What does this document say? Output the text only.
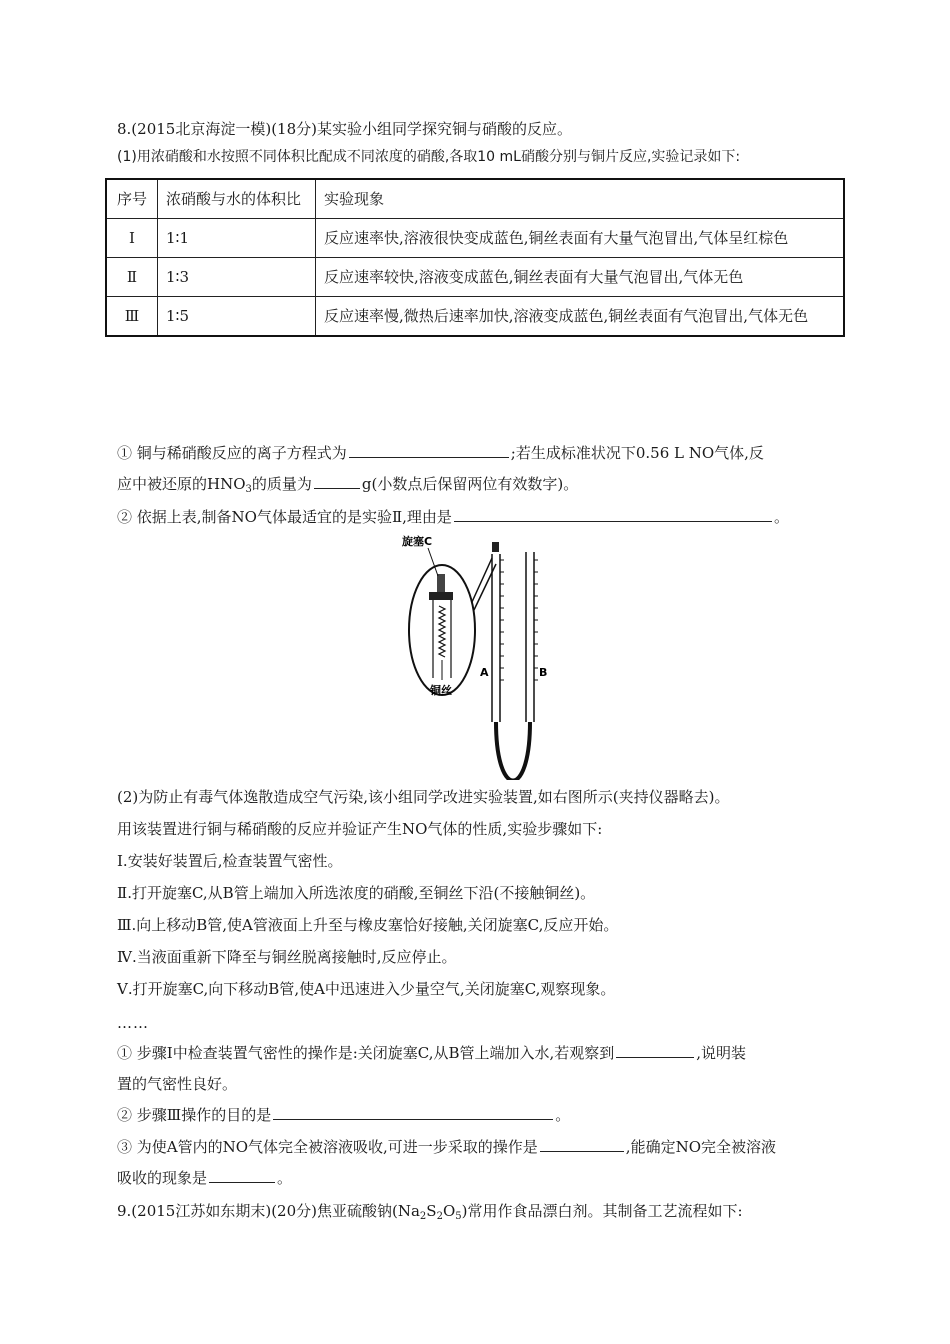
8.(2015北京海淀一模)(18分)某实验小组同学探究铜与硝酸的反应。
(1)用浓硝酸和水按照不同体积比配成不同浓度的硝酸,各取10 mL硝酸分别与铜片反应,实验记录如下:
序号	浓硝酸与水的体积比	实验现象
Ⅰ	1∶1	反应速率快,溶液很快变成蓝色,铜丝表面有大量气泡冒出,气体呈红棕色
Ⅱ	1∶3	反应速率较快,溶液变成蓝色,铜丝表面有大量气泡冒出,气体无色
Ⅲ	1∶5	反应速率慢,微热后速率加快,溶液变成蓝色,铜丝表面有气泡冒出,气体无色
① 铜与稀硝酸反应的离子方程式为	;若生成标准状况下0.56 L NO气体,反
应中被还原的$HNO_3$的质量为	g(小数点后保留两位有效数字)。
② 依据上表,制备NO气体最适宜的是实验Ⅱ,理由是	。
旋塞C
铜丝
A	B
(2)为防止有毒气体逸散造成空气污染,该小组同学改进实验装置,如右图所示(夹持仪器略去)。
用该装置进行铜与稀硝酸的反应并验证产生NO气体的性质,实验步骤如下:
Ⅰ.安装好装置后,检查装置气密性。
Ⅱ.打开旋塞C,从B管上端加入所选浓度的硝酸,至铜丝下沿(不接触铜丝)。
Ⅲ.向上移动B管,使A管液面上升至与橡皮塞恰好接触,关闭旋塞C,反应开始。
Ⅳ.当液面重新下降至与铜丝脱离接触时,反应停止。
Ⅴ.打开旋塞C,向下移动B管,使A中迅速进入少量空气,关闭旋塞C,观察现象。
……
① 步骤Ⅰ中检查装置气密性的操作是:关闭旋塞C,从B管上端加入水,若观察到	,说明装
置的气密性良好。
② 步骤Ⅲ操作的目的是	。
③ 为使A管内的NO气体完全被溶液吸收,可进一步采取的操作是	,能确定NO完全被溶液
吸收的现象是	。
9.(2015江苏如东期末)(20分)焦亚硫酸钠$(Na_2S_2O_5)$常用作食品漂白剂。其制备工艺流程如下:
